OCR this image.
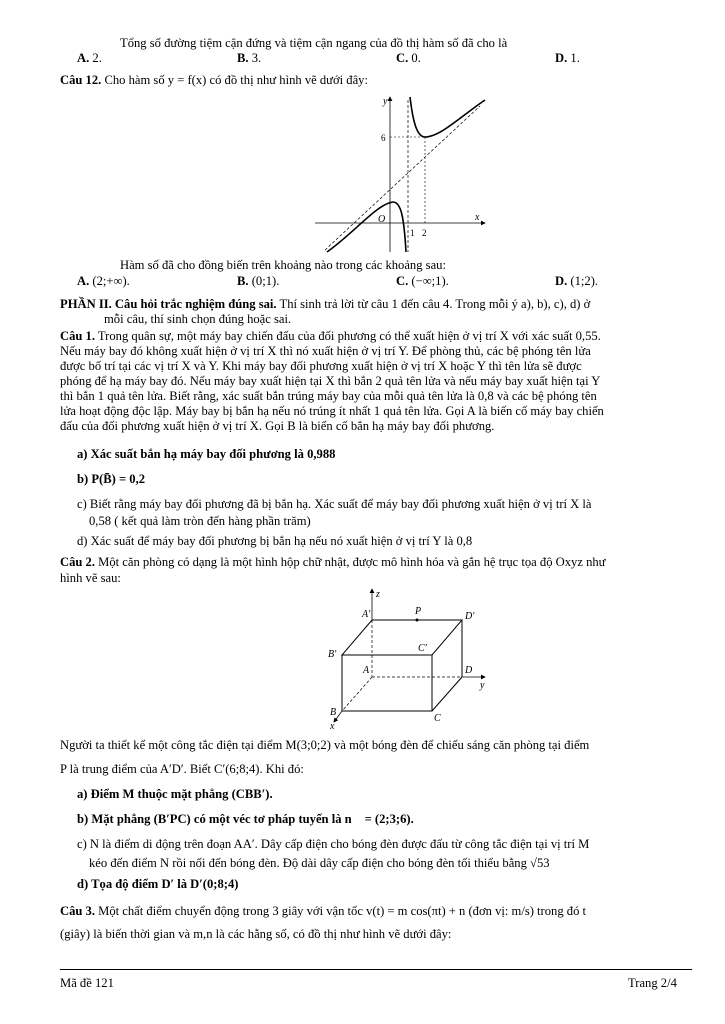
Tổng số đường tiệm cận đứng và tiệm cận ngang của đồ thị hàm số đã cho là
A. 2.	B. 3.	C. 0.	D. 1.
Câu 12. Cho hàm số y = f(x) có đồ thị như hình vẽ dưới đây:
y
x
O
6
1 2
Hàm số đã cho đồng biến trên khoảng nào trong các khoảng sau:
A. (2;+∞).	B. (0;1).	C. (−∞;1).	D. (1;2).
PHẦN II. Câu hỏi trắc nghiệm đúng sai. Thí sinh trả lời từ câu 1 đến câu 4. Trong mỗi ý a), b), c), d) ở
mỗi câu, thí sinh chọn đúng hoặc sai.
Câu 1. Trong quân sự, một máy bay chiến đấu của đối phương có thể xuất hiện ở vị trí X với xác suất 0,55.
Nếu máy bay đó không xuất hiện ở vị trí X thì nó xuất hiện ở vị trí Y. Để phòng thủ, các bệ phóng tên lửa
được bố trí tại các vị trí X và Y. Khi máy bay đối phương xuất hiện ở vị trí X hoặc Y thì tên lửa sẽ được
phóng để hạ máy bay đó. Nếu máy bay xuất hiện tại X thì bắn 2 quả tên lửa và nếu máy bay xuất hiện tại Y
thì bắn 1 quả tên lửa. Biết rằng, xác suất bắn trúng máy bay của mỗi quả tên lửa là 0,8 và các bệ phóng tên
lửa hoạt động độc lập. Máy bay bị bắn hạ nếu nó trúng ít nhất 1 quả tên lửa. Gọi A là biến cố máy bay chiến
đấu của đối phương xuất hiện ở vị trí X. Gọi B là biến cố bắn hạ máy bay đối phương.
a) Xác suất bắn hạ máy bay đối phương là 0,988
b) P(B̄) = 0,2
c) Biết rằng máy bay đối phương đã bị bắn hạ. Xác suất để máy bay đối phương xuất hiện ở vị trí X là
0,58 ( kết quả làm tròn đến hàng phần trăm)
d) Xác suất để máy bay đối phương bị bắn hạ nếu nó xuất hiện ở vị trí Y là 0,8
Câu 2. Một căn phòng có dạng là một hình hộp chữ nhật, được mô hình hóa và gắn hệ trục tọa độ Oxyz như
hình vẽ sau:
z
y
x
A′	P	D′
B′
C′
A	D
B
C
Người ta thiết kế một công tắc điện tại điểm M(3;0;2) và một bóng đèn để chiếu sáng căn phòng tại điểm
P là trung điểm của A′D′. Biết C′(6;8;4). Khi đó:
a) Điểm M thuộc mặt phẳng (CBB′).
b) Mặt phẳng (B′PC) có một véc tơ pháp tuyến là n⃗ = (2;3;6).
c) N là điểm di động trên đoạn AA′. Dây cấp điện cho bóng đèn được đấu từ công tắc điện tại vị trí M
kéo đến điểm N rồi nối đến bóng đèn. Độ dài dây cấp điện cho bóng đèn tối thiểu bằng √53
d) Tọa độ điểm D′ là D′(0;8;4)
Câu 3. Một chất điểm chuyển động trong 3 giây với vận tốc v(t) = m cos(πt) + n (đơn vị: m/s) trong đó t
(giây) là biến thời gian và m,n là các hằng số, có đồ thị như hình vẽ dưới đây:
Mã đề 121	Trang 2/4
